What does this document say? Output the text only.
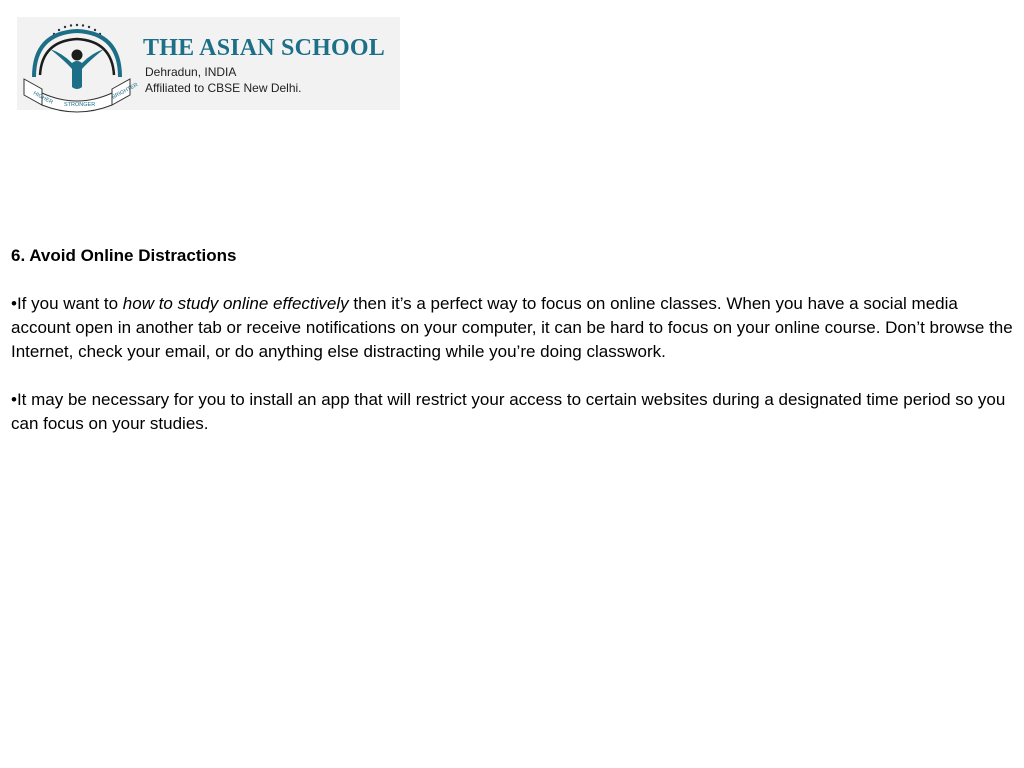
HIGHER STRONGER
BRIGHTER
THE ASIAN SCHOOL
Dehradun, INDIA
Affiliated to CBSE New Delhi.

6. Avoid Online Distractions

•If you want to how to study online effectively then it’s a perfect way to focus on online classes. When you have a social media account open in another tab or receive notifications on your computer, it can be hard to focus on your online course. Don’t browse the Internet, check your email, or do anything else distracting while you’re doing classwork.

•It may be necessary for you to install an app that will restrict your access to certain websites during a designated time period so you can focus on your studies.
